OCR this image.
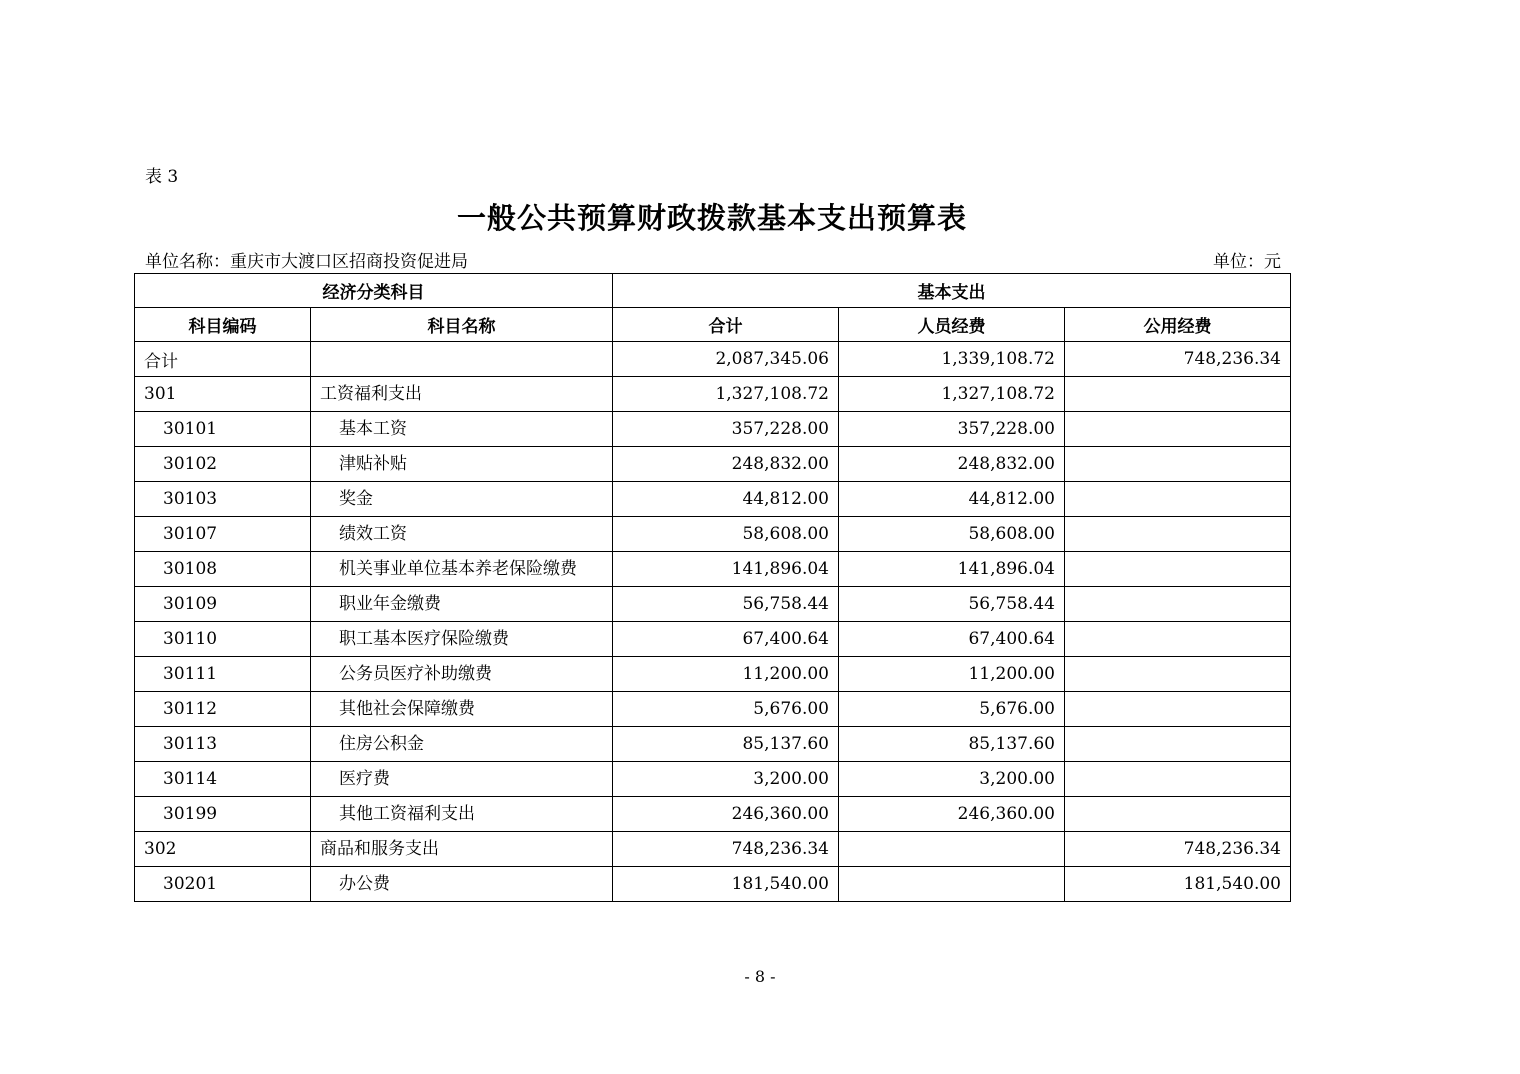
表 3
一般公共预算财政拨款基本支出预算表
单位名称：重庆市大渡口区招商投资促进局	单位：元
经济分类科目		基本支出		
科目编码	科目名称	合计	人员经费	公用经费
合计		2,087,345.06	1,339,108.72	748,236.34
301	工资福利支出	1,327,108.72	1,327,108.72	
30101	基本工资	357,228.00	357,228.00	
30102	津贴补贴	248,832.00	248,832.00	
30103	奖金	44,812.00	44,812.00	
30107	绩效工资	58,608.00	58,608.00	
30108	机关事业单位基本养老保险缴费	141,896.04	141,896.04	
30109	职业年金缴费	56,758.44	56,758.44	
30110	职工基本医疗保险缴费	67,400.64	67,400.64	
30111	公务员医疗补助缴费	11,200.00	11,200.00	
30112	其他社会保障缴费	5,676.00	5,676.00	
30113	住房公积金	85,137.60	85,137.60	
30114	医疗费	3,200.00	3,200.00	
30199	其他工资福利支出	246,360.00	246,360.00	
302	商品和服务支出	748,236.34		748,236.34
30201	办公费	181,540.00		181,540.00
- 8 -
